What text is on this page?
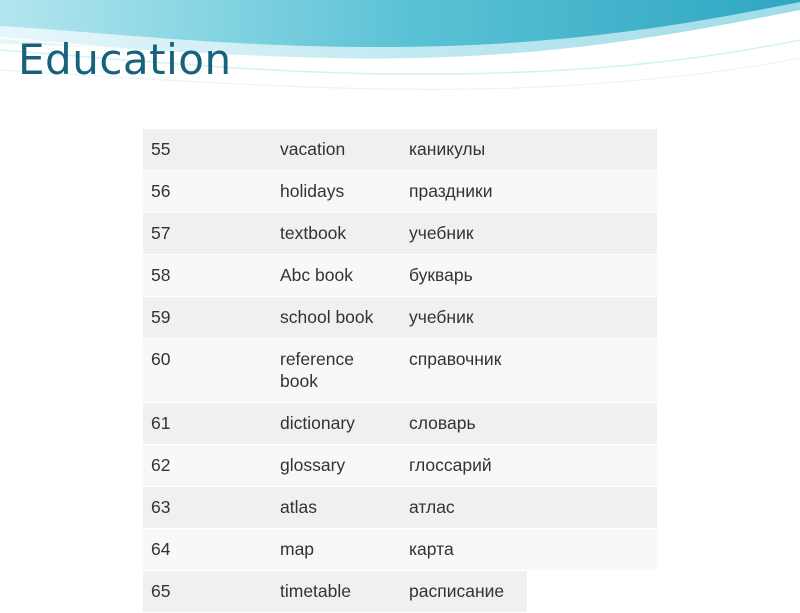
Education
55	vacation	каникулы	
56	holidays	праздники	
57	textbook	учебник	
58	Abc book	букварь	
59	school book	учебник	
60	reference book	справочник	
61	dictionary	словарь	
62	glossary	глоссарий	
63	atlas	атлас	
64	map	карта	
65	timetable	расписание	
